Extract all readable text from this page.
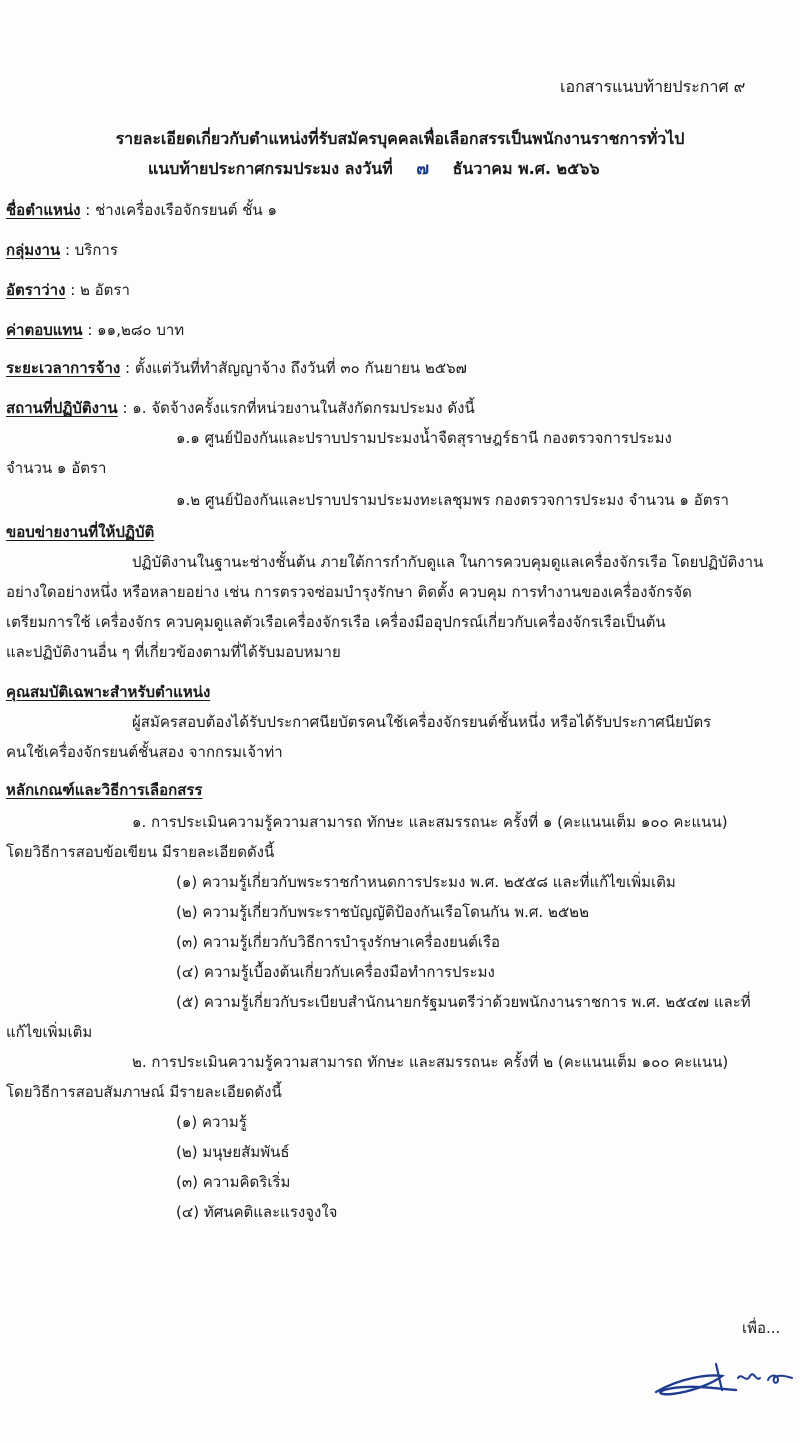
เอกสารแนบท้ายประกาศ ๙
รายละเอียดเกี่ยวกับตำแหน่งที่รับสมัครบุคคลเพื่อเลือกสรรเป็นพนักงานราชการทั่วไป
แนบท้ายประกาศกรมประมง ลงวันที่ ๗ ธันวาคม พ.ศ. ๒๕๖๖
ชื่อตำแหน่ง : ช่างเครื่องเรือจักรยนต์ ชั้น ๑
กลุ่มงาน : บริการ
อัตราว่าง : ๒ อัตรา
ค่าตอบแทน : ๑๑,๒๘๐ บาท
ระยะเวลาการจ้าง : ตั้งแต่วันที่ทำสัญญาจ้าง ถึงวันที่ ๓๐ กันยายน ๒๕๖๗
สถานที่ปฏิบัติงาน : ๑. จัดจ้างครั้งแรกที่หน่วยงานในสังกัดกรมประมง ดังนี้
๑.๑ ศูนย์ป้องกันและปราบปรามประมงน้ำจืดสุราษฎร์ธานี กองตรวจการประมง
จำนวน ๑ อัตรา
๑.๒ ศูนย์ป้องกันและปราบปรามประมงทะเลชุมพร กองตรวจการประมง จำนวน ๑ อัตรา
ขอบข่ายงานที่ให้ปฏิบัติ
ปฏิบัติงานในฐานะช่างชั้นต้น ภายใต้การกำกับดูแล ในการควบคุมดูแลเครื่องจักรเรือ โดยปฏิบัติงาน
อย่างใดอย่างหนึ่ง หรือหลายอย่าง เช่น การตรวจซ่อมบำรุงรักษา ติดตั้ง ควบคุม การทำงานของเครื่องจักรจัด
เตรียมการใช้ เครื่องจักร ควบคุมดูแลตัวเรือเครื่องจักรเรือ เครื่องมืออุปกรณ์เกี่ยวกับเครื่องจักรเรือเป็นต้น
และปฏิบัติงานอื่น ๆ ที่เกี่ยวข้องตามที่ได้รับมอบหมาย
คุณสมบัติเฉพาะสำหรับตำแหน่ง
ผู้สมัครสอบต้องได้รับประกาศนียบัตรคนใช้เครื่องจักรยนต์ชั้นหนึ่ง หรือได้รับประกาศนียบัตร
คนใช้เครื่องจักรยนต์ชั้นสอง จากกรมเจ้าท่า
หลักเกณฑ์และวิธีการเลือกสรร
๑. การประเมินความรู้ความสามารถ ทักษะ และสมรรถนะ ครั้งที่ ๑ (คะแนนเต็ม ๑๐๐ คะแนน)
โดยวิธีการสอบข้อเขียน มีรายละเอียดดังนี้
(๑) ความรู้เกี่ยวกับพระราชกำหนดการประมง พ.ศ. ๒๕๕๘ และที่แก้ไขเพิ่มเติม
(๒) ความรู้เกี่ยวกับพระราชบัญญัติป้องกันเรือโดนกัน พ.ศ. ๒๕๒๒
(๓) ความรู้เกี่ยวกับวิธีการบำรุงรักษาเครื่องยนต์เรือ
(๔) ความรู้เบื้องต้นเกี่ยวกับเครื่องมือทำการประมง
(๕) ความรู้เกี่ยวกับระเบียบสำนักนายกรัฐมนตรีว่าด้วยพนักงานราชการ พ.ศ. ๒๕๔๗ และที่
แก้ไขเพิ่มเติม
๒. การประเมินความรู้ความสามารถ ทักษะ และสมรรถนะ ครั้งที่ ๒ (คะแนนเต็ม ๑๐๐ คะแนน)
โดยวิธีการสอบสัมภาษณ์ มีรายละเอียดดังนี้
(๑) ความรู้
(๒) มนุษยสัมพันธ์
(๓) ความคิดริเริ่ม
(๔) ทัศนคติและแรงจูงใจ
เพื่อ...
